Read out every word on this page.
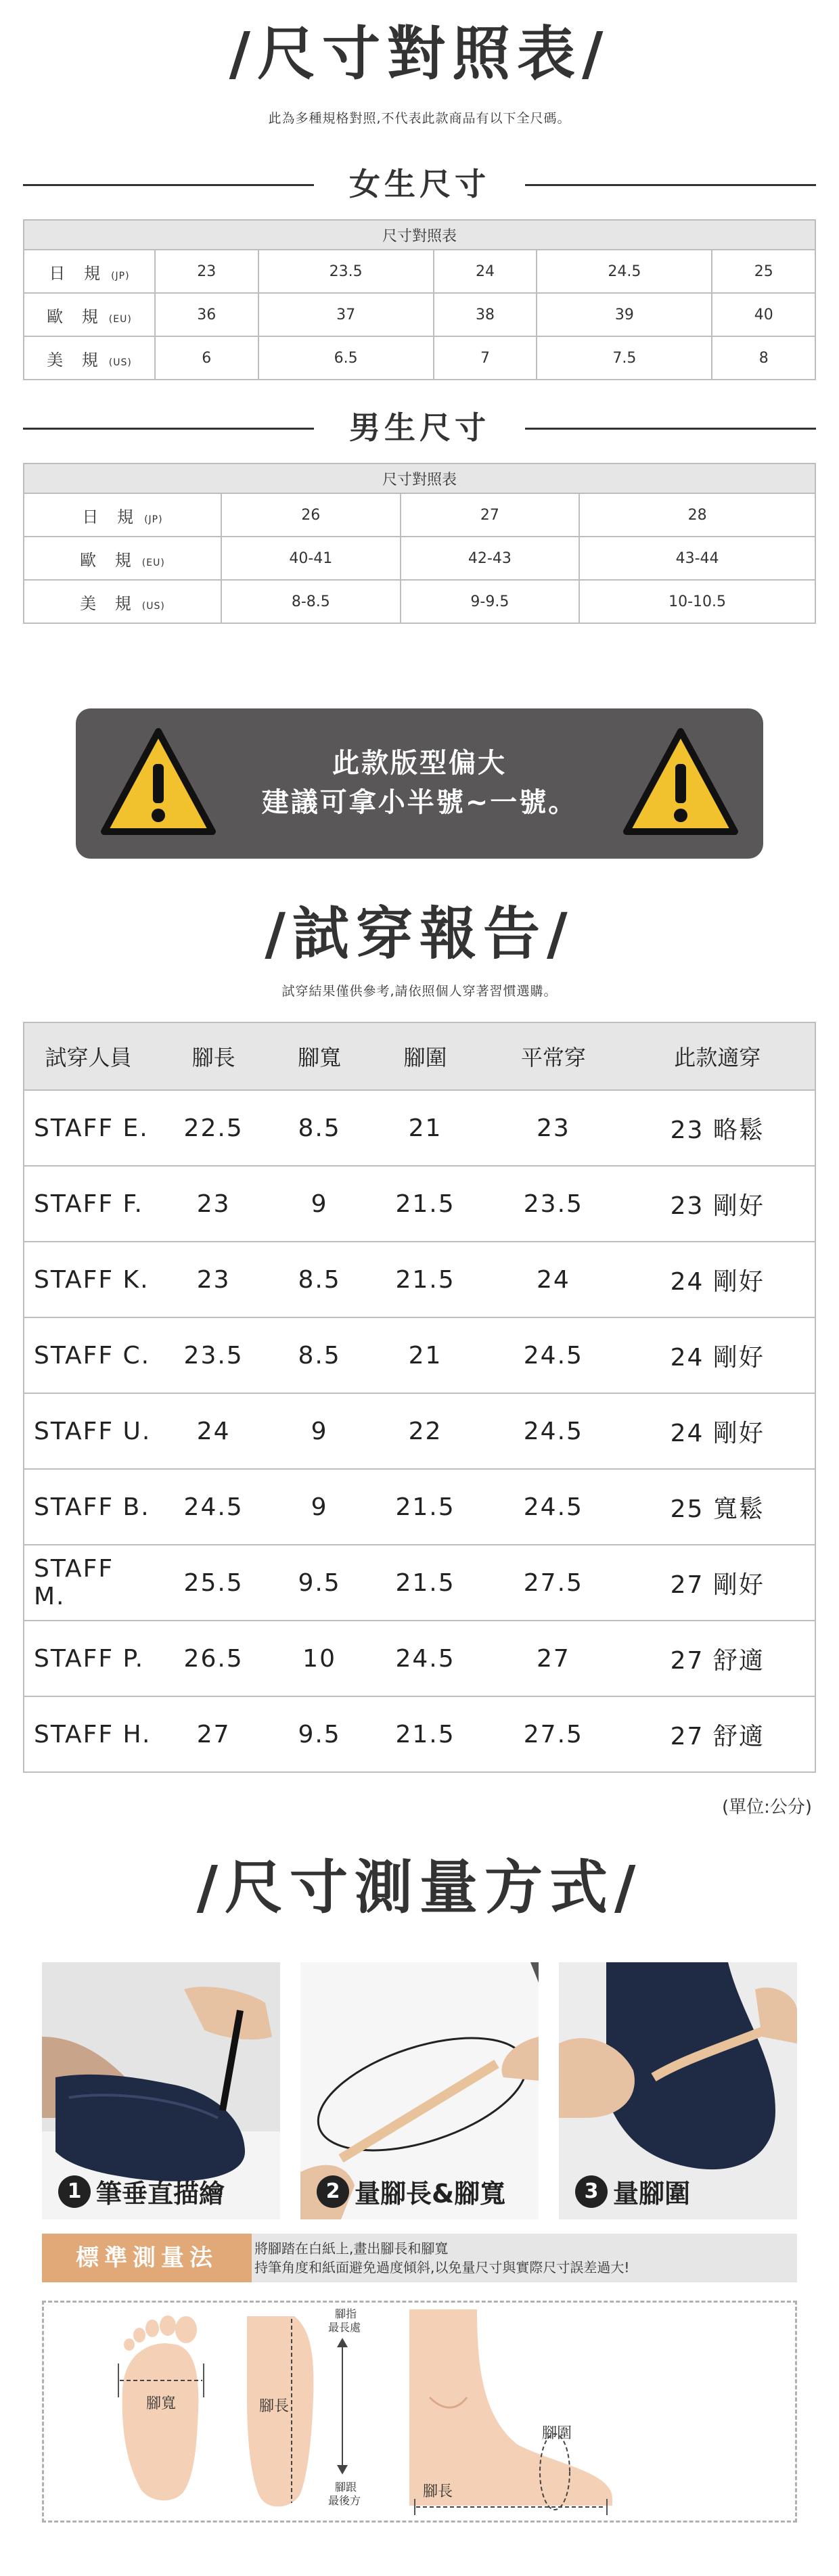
/尺寸對照表/
此為多種規格對照,不代表此款商品有以下全尺碼。
女生尺寸
尺寸對照表					
日 規 (JP)	23	23.5	24	24.5	25
歐 規 (EU)	36	37	38	39	40
美 規 (US)	6	6.5	7	7.5	8
男生尺寸
尺寸對照表			
日 規 (JP)	26	27	28
歐 規 (EU)	40-41	42-43	43-44
美 規 (US)	8-8.5	9-9.5	10-10.5
此款版型偏大
建議可拿小半號~一號。
/試穿報告/
試穿結果僅供參考,請依照個人穿著習慣選購。
試穿人員	腳長	腳寬	腳圍	平常穿	此款適穿
STAFF E.	22.5	8.5	21	23	23 略鬆
STAFF F.	23	9	21.5	23.5	23 剛好
STAFF K.	23	8.5	21.5	24	24 剛好
STAFF C.	23.5	8.5	21	24.5	24 剛好
STAFF U.	24	9	22	24.5	24 剛好
STAFF B.	24.5	9	21.5	24.5	25 寬鬆
STAFF M.	25.5	9.5	21.5	27.5	27 剛好
STAFF P.	26.5	10	24.5	27	27 舒適
STAFF H.	27	9.5	21.5	27.5	27 舒適
(單位:公分)
/尺寸測量方式/
1 筆垂直描繪	2 量腳長&腳寬	3 量腳圍
標準測量法	將腳踏在白紙上,畫出腳長和腳寬
持筆角度和紙面避免過度傾斜,以免量尺寸與實際尺寸誤差過大!
腳寬	腳長
腳指
最長處
腳跟
最後方
腳圍
腳長
